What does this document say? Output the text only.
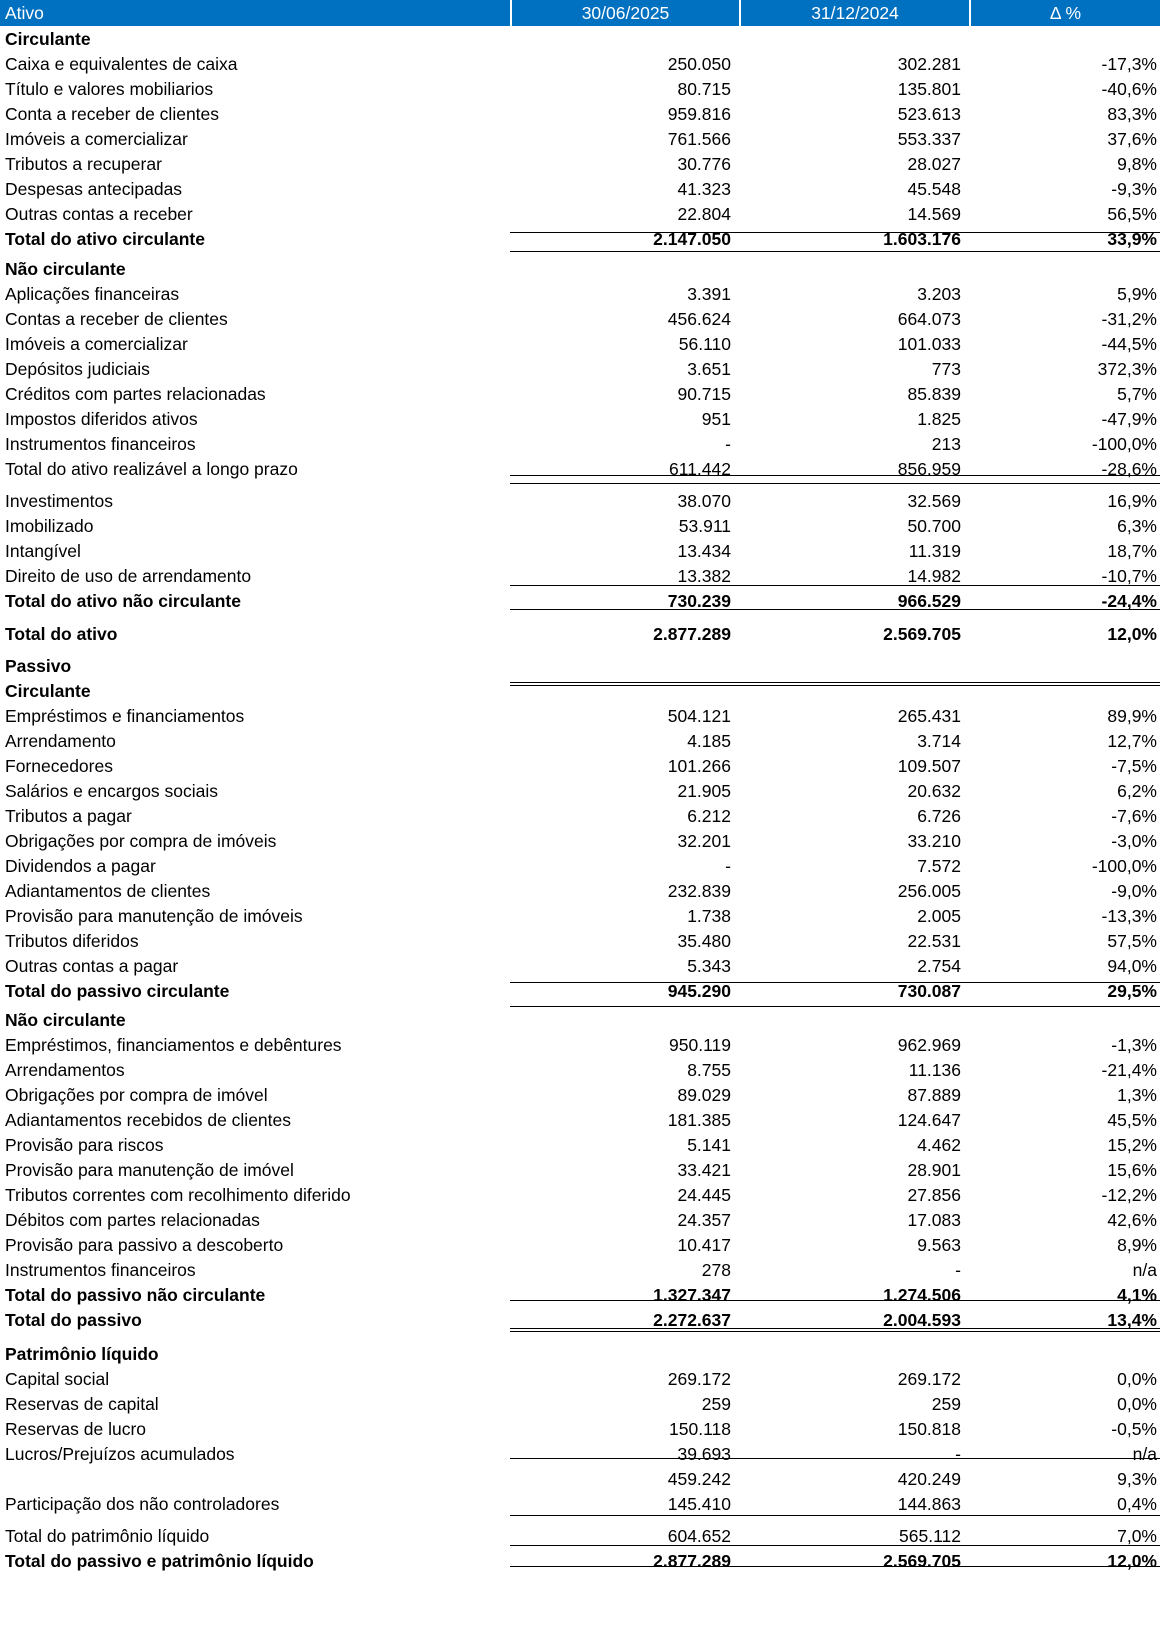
Ativo	30/06/2025	31/12/2024	Δ %
Circulante
Caixa e equivalentes de caixa	250.050	302.281	-17,3%
Título e valores mobiliarios	80.715	135.801	-40,6%
Conta a receber de clientes	959.816	523.613	83,3%
Imóveis a comercializar	761.566	553.337	37,6%
Tributos a recuperar	30.776	28.027	9,8%
Despesas antecipadas	41.323	45.548	-9,3%
Outras contas a receber	22.804	14.569	56,5%
Total do ativo circulante	2.147.050	1.603.176	33,9%
Não circulante
Aplicações financeiras	3.391	3.203	5,9%
Contas a receber de clientes	456.624	664.073	-31,2%
Imóveis a comercializar	56.110	101.033	-44,5%
Depósitos judiciais	3.651	773	372,3%
Créditos com partes relacionadas	90.715	85.839	5,7%
Impostos diferidos ativos	951	1.825	-47,9%
Instrumentos financeiros	-	213	-100,0%
Total do ativo realizável a longo prazo	611.442	856.959	-28,6%
Investimentos	38.070	32.569	16,9%
Imobilizado	53.911	50.700	6,3%
Intangível	13.434	11.319	18,7%
Direito de uso de arrendamento	13.382	14.982	-10,7%
Total do ativo não circulante	730.239	966.529	-24,4%
Total do ativo	2.877.289	2.569.705	12,0%
Passivo
Circulante
Empréstimos e financiamentos	504.121	265.431	89,9%
Arrendamento	4.185	3.714	12,7%
Fornecedores	101.266	109.507	-7,5%
Salários e encargos sociais	21.905	20.632	6,2%
Tributos a pagar	6.212	6.726	-7,6%
Obrigações por compra de imóveis	32.201	33.210	-3,0%
Dividendos a pagar	-	7.572	-100,0%
Adiantamentos de clientes	232.839	256.005	-9,0%
Provisão para manutenção de imóveis	1.738	2.005	-13,3%
Tributos diferidos	35.480	22.531	57,5%
Outras contas a pagar	5.343	2.754	94,0%
Total do passivo circulante	945.290	730.087	29,5%
Não circulante
Empréstimos, financiamentos e debêntures	950.119	962.969	-1,3%
Arrendamentos	8.755	11.136	-21,4%
Obrigações por compra de imóvel	89.029	87.889	1,3%
Adiantamentos recebidos de clientes	181.385	124.647	45,5%
Provisão para riscos	5.141	4.462	15,2%
Provisão para manutenção de imóvel	33.421	28.901	15,6%
Tributos correntes com recolhimento diferido	24.445	27.856	-12,2%
Débitos com partes relacionadas	24.357	17.083	42,6%
Provisão para passivo a descoberto	10.417	9.563	8,9%
Instrumentos financeiros	278	-	n/a
Total do passivo não circulante	1.327.347	1.274.506	4,1%
Total do passivo	2.272.637	2.004.593	13,4%
Patrimônio líquido
Capital social	269.172	269.172	0,0%
Reservas de capital	259	259	0,0%
Reservas de lucro	150.118	150.818	-0,5%
Lucros/Prejuízos acumulados	39.693	-	n/a
459.242	420.249	9,3%
Participação dos não controladores	145.410	144.863	0,4%
Total do patrimônio líquido	604.652	565.112	7,0%
Total do passivo e patrimônio líquido	2.877.289	2.569.705	12,0%
